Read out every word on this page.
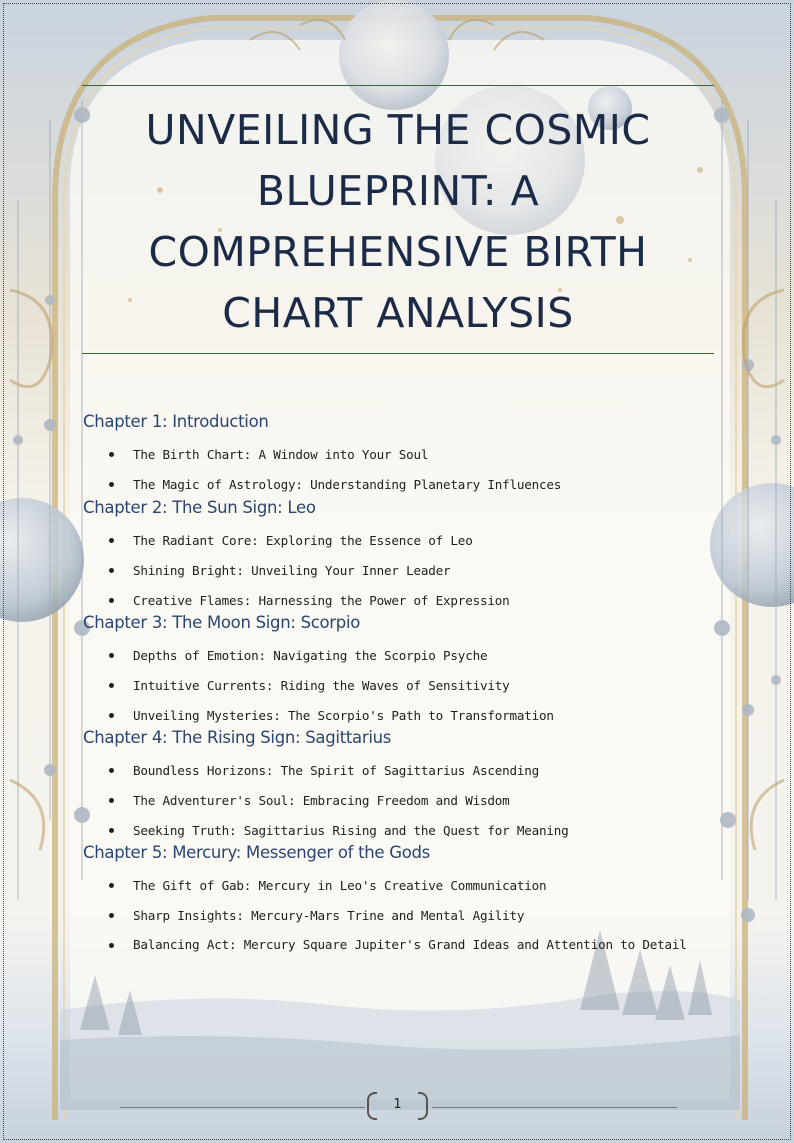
UNVEILING THE COSMIC BLUEPRINT: A COMPREHENSIVE BIRTH CHART ANALYSIS
Chapter 1: Introduction
The Birth Chart: A Window into Your Soul
The Magic of Astrology: Understanding Planetary Influences
Chapter 2: The Sun Sign: Leo
The Radiant Core: Exploring the Essence of Leo
Shining Bright: Unveiling Your Inner Leader
Creative Flames: Harnessing the Power of Expression
Chapter 3: The Moon Sign: Scorpio
Depths of Emotion: Navigating the Scorpio Psyche
Intuitive Currents: Riding the Waves of Sensitivity
Unveiling Mysteries: The Scorpio's Path to Transformation
Chapter 4: The Rising Sign: Sagittarius
Boundless Horizons: The Spirit of Sagittarius Ascending
The Adventurer's Soul: Embracing Freedom and Wisdom
Seeking Truth: Sagittarius Rising and the Quest for Meaning
Chapter 5: Mercury: Messenger of the Gods
The Gift of Gab: Mercury in Leo's Creative Communication
Sharp Insights: Mercury-Mars Trine and Mental Agility
Balancing Act: Mercury Square Jupiter's Grand Ideas and Attention to Detail
1
